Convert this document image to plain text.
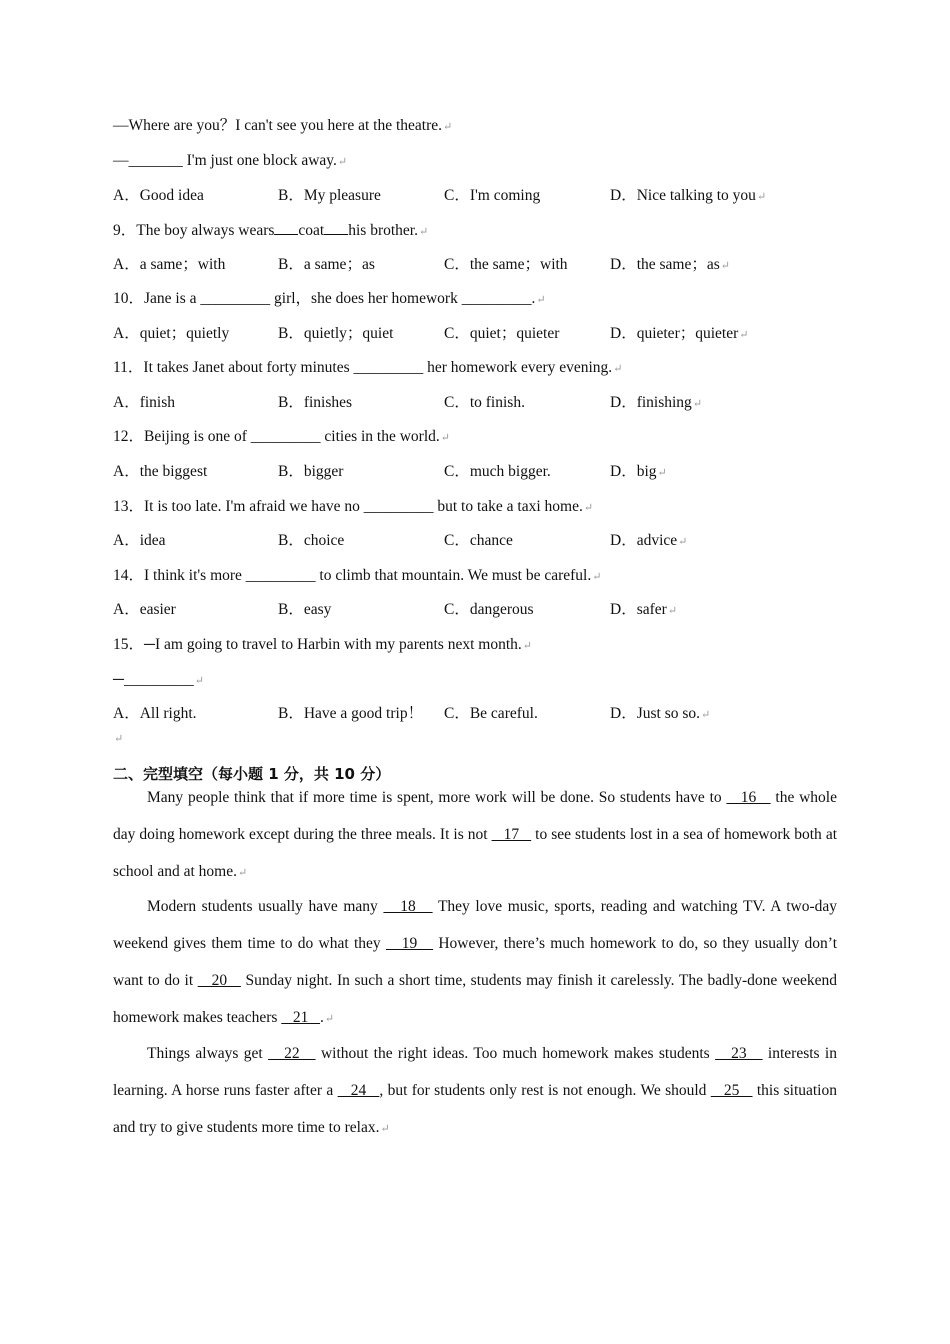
—Where are you？I can't see you here at the theatre.↵
—_______ I'm just one block away.↵
A．Good idea	B．My pleasure	C．I'm coming	D．Nice talking to you↵
9．The boy always wears coat his brother.↵
A．a same；with	B．a same；as	C．the same；with	D．the same；as↵
10．Jane is a _________ girl，she does her homework _________.↵
A．quiet；quietly	B．quietly；quiet	C．quiet；quieter	D．quieter；quieter↵
11．It takes Janet about forty minutes _________ her homework every evening.↵
A．finish	B．finishes	C．to finish.	D．finishing↵
12．Beijing is one of _________ cities in the world.↵
A．the biggest	B．bigger	C．much bigger.	D．big↵
13．It is too late. I'm afraid we have no _________ but to take a taxi home.↵
A．idea	B．choice	C．chance	D．advice↵
14．I think it's more _________ to climb that mountain. We must be careful.↵
A．easier	B．easy	C．dangerous	D．safer↵
15．─I am going to travel to Harbin with my parents next month.↵
─_________↵
A．All right.	B．Have a good trip！ C．Be careful.	D．Just so so.↵
↵
二、完型填空（每小题 1 分，共 10 分）
Many people think that if more time is spent, more work will be done. So students have to    16    the whole day doing homework except during the three meals. It is not    17    to see students lost in a sea of homework both at school and at home.↵
Modern students usually have many    18    They love music, sports, reading and watching TV. A two-day weekend gives them time to do what they    19    However, there’s much homework to do, so they usually don’t want to do it    20    Sunday night. In such a short time, students may finish it carelessly. The badly-done weekend homework makes teachers    21   .↵
Things always get    22    without the right ideas. Too much homework makes students    23    interests in learning. A horse runs faster after a    24   , but for students only rest is not enough. We should    25    this situation and try to give students more time to relax.↵
